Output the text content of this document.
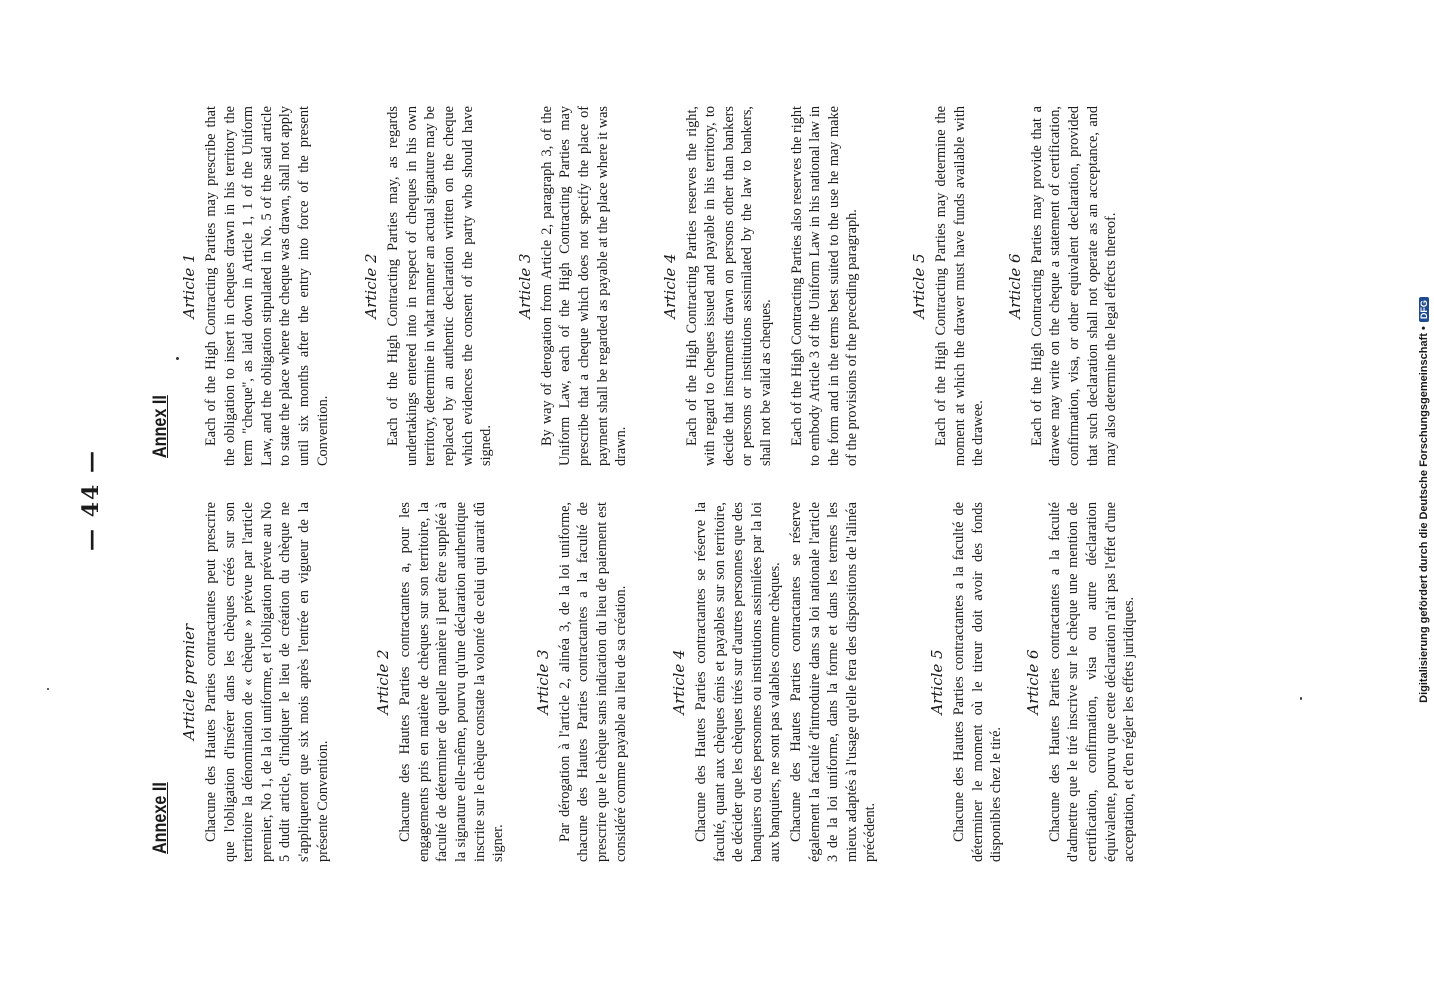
— 44 —
Annexe II
Article premier Chacune des Hautes Parties contractantes peut prescrire que l'obligation d'insérer dans les chèques créés sur son territoire la dénomination de « chèque » prévue par l'article premier, No 1, de la loi uniforme, et l'obligation prévue au No 5 dudit article, d'indiquer le lieu de création du chèque ne s'appliqueront que six mois après l'entrée en vigueur de la présente Convention.

Article 2 Chacune des Hautes Parties contractantes a, pour les engagements pris en matière de chèques sur son territoire, la faculté de déterminer de quelle manière il peut être suppléé à la signature elle-même, pourvu qu'une déclaration authentique inscrite sur le chèque constate la volonté de celui qui aurait dû signer.

Article 3 Par dérogation à l'article 2, alinéa 3, de la loi uniforme, chacune des Hautes Parties contractantes a la faculté de prescrire que le chèque sans indication du lieu de paiement est considéré comme payable au lieu de sa création.	Article 4 Chacune des Hautes Parties contractantes se réserve la faculté, quant aux chèques émis et payables sur son territoire, de décider que les chèques tirés sur d'autres personnes que des banquiers ou des personnes ou institutions assimilées par la loi aux banquiers, ne sont pas valables comme chèques. Chacune des Hautes Parties contractantes se réserve également la faculté d'introduire dans sa loi nationale l'article 3 de la loi uniforme, dans la forme et dans les termes les mieux adaptés à l'usage qu'elle fera des dispositions de l'alinéa précédent.

Article 5 Chacune des Hautes Parties contractantes a la faculté de déterminer le moment où le tireur doit avoir des fonds disponibles chez le tiré.

Article 6 Chacune des Hautes Parties contractantes a la faculté d'admettre que le tiré inscrive sur le chèque une mention de certification, confirmation, visa ou autre déclaration équivalente, pourvu que cette déclaration n'ait pas l'effet d'une acceptation, et d'en régler les effets juridiques.

Annex II
Article 1 Each of the High Contracting Parties may prescribe that the obligation to insert in cheques drawn in his territory the term "cheque", as laid down in Article 1, 1 of the Uniform Law, and the obligation stipulated in No. 5 of the said article to state the place where the cheque was drawn, shall not apply until six months after the entry into force of the present Convention.

Article 2 Each of the High Contracting Parties may, as regards undertakings entered into in respect of cheques in his own territory, determine in what manner an actual signature may be replaced by an authentic declaration written on the cheque which evidences the consent of the party who should have signed.

Article 3 By way of derogation from Article 2, paragraph 3, of the Uniform Law, each of the High Contracting Parties may prescribe that a cheque which does not specify the place of payment shall be regarded as payable at the place where it was drawn.

Article 4 Each of the High Contracting Parties reserves the right, with regard to cheques issued and payable in his territory, to decide that instruments drawn on persons other than bankers or persons or institutions assimilated by the law to bankers, shall not be valid as cheques. Each of the High Contracting Parties also reserves the right to embody Article 3 of the Uniform Law in his national law in the form and in the terms best suited to the use he may make of the provisions of the preceding paragraph.	Article 5 Each of the High Contracting Parties may determine the moment at which the drawer must have funds available with the drawee.

Article 6 Each of the High Contracting Parties may provide that a drawee may write on the cheque a statement of certification, confirmation, visa, or other equivalent declaration, provided that such declaration shall not operate as an acceptance, and may also determine the legal effects thereof.	Digitalisierung gefördert durch die Deutsche Forschungsgemeinschaft •DFG
